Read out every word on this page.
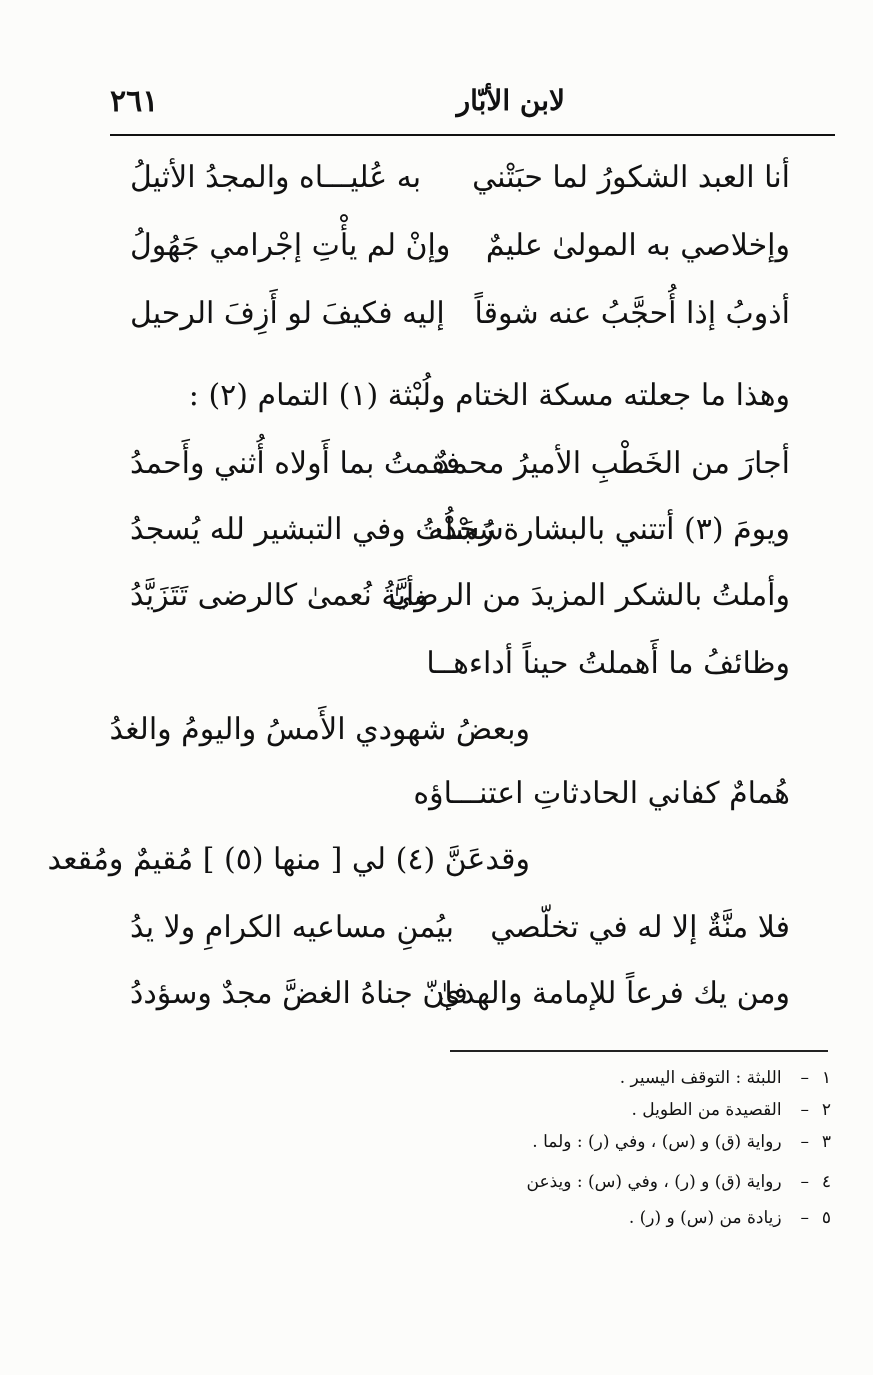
لابن الأبّار
٢٦١
أنا العبد الشكورُ لما حبَتْني
به عُليـــاه والمجدُ الأثيلُ
وإخلاصي به المولىٰ عليمٌ
وإنْ لم يأْتِ إجْرامي جَهُولُ
أذوبُ إذا أُحجَّبُ عنه شوقاً
إليه فكيفَ لو أَزِفَ الرحيل
وهذا ما جعلته مسكة الختام ولُبْثة (١) التمام (٢) :
أجارَ من الخَطْبِ الأميرُ محمدٌ
فقمتُ بما أَولاه أُثني وأَحمدُ
ويومَ (٣) أتتني بالبشارة رُسْلُه
سَجَدْتُ وفي التبشير لله يُسجدُ
وأملتُ بالشكر المزيدَ من الرضىٰ
وأيَّةُ نُعمىٰ كالرضى تَتَزَيَّدُ
وظائفُ ما أَهملتُ حيناً أداءهــا
وبعضُ شهودي الأَمسُ واليومُ والغدُ
هُمامٌ كفاني الحادثاتِ اعتنـــاؤه
وقدعَنَّ (٤) لي [ منها (٥) ] مُقيمٌ ومُقعد
فلا منَّةٌ إلا له في تخلّصي
بيُمنِ مساعيه الكرامِ ولا يدُ
ومن يك فرعاً للإمامة والهدىٰ
فإنّ جناهُ الغضَّ مجدٌ وسؤددُ
١– اللبثة : التوقف اليسير .
٢– القصيدة من الطويل .
٣– رواية (ق) و (س) ، وفي (ر) : ولما .
٤– رواية (ق) و (ر) ، وفي (س) : ويذعن
٥– زيادة من (س) و (ر) .
